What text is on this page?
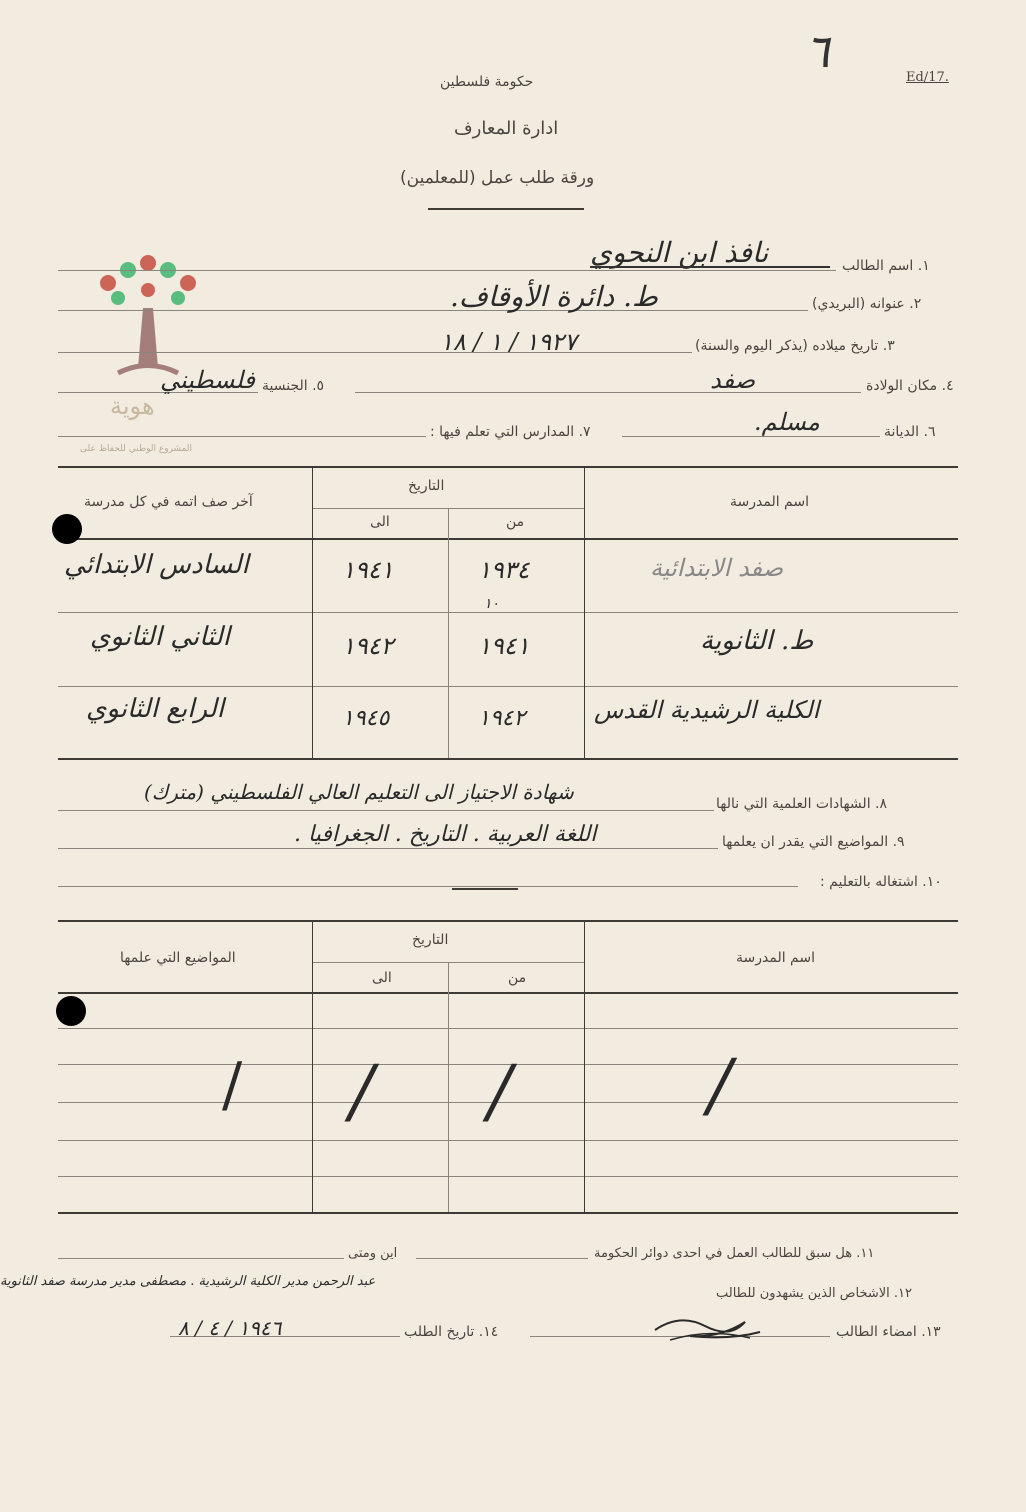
٦	Ed/17.
حكومة فلسطين
ادارة المعارف
ورقة طلب عمل (للمعلمين)
هوية
المشروع الوطني للحفاظ على
١. اسم الطالب
نافذ ابن النحوي
٢. عنوانه (البريدي)
ط. دائرة الأوقاف.
٣. تاريخ ميلاده (يذكر اليوم والسنة)
١٩٢٧ / ١ / ١٨
٤. مكان الولادة
صفد
٥. الجنسية
فلسطيني
٦. الديانة
مسلم.
٧. المدارس التي تعلم فيها :
آخر صف اتمه في كل مدرسة
التاريخ
الى	من
اسم المدرسة
السادس الابتدائي	١٩٤١	١٩٣٤	صفد الابتدائية
١٠
الثاني الثانوي	١٩٤٢	١٩٤١	ط. الثانوية
الرابع الثانوي	١٩٤٥	١٩٤٢	الكلية الرشيدية القدس
٨. الشهادات العلمية التي نالها
شهادة الاجتياز الى التعليم العالي الفلسطيني (مترك)
٩. المواضيع التي يقدر ان يعلمها
اللغة العربية . التاريخ . الجغرافيا .
١٠. اشتغاله بالتعليم :
المواضيع التي علمها
التاريخ
الى	من
اسم المدرسة
/ / /	/
١١. هل سبق للطالب العمل في احدى دوائر الحكومة
اين ومتى
١٢. الاشخاص الذين يشهدون للطالب
عبد الرحمن مدير الكلية الرشيدية . مصطفى مدير مدرسة صفد الثانوية
١٣. امضاء الطالب
١٤. تاريخ الطلب
١٩٤٦ / ٤ / ٨
